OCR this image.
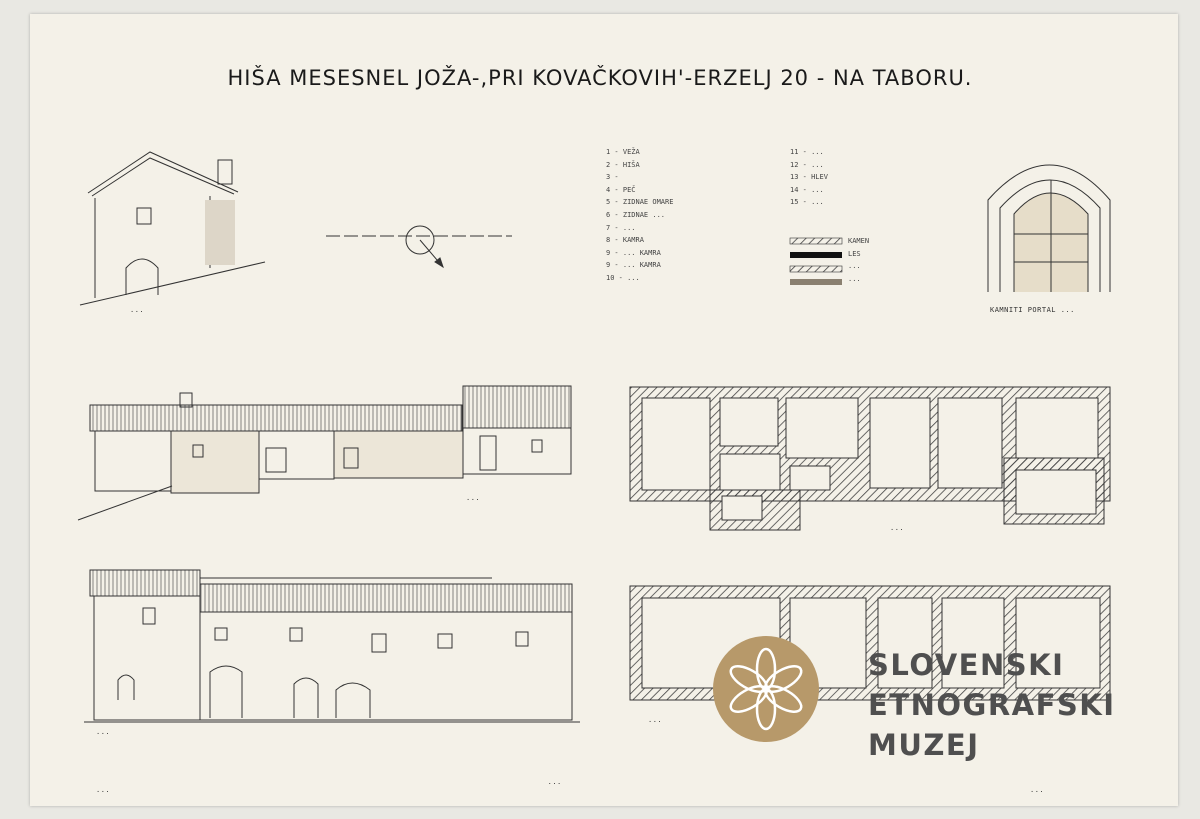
HIŠA MESESNEL JOŽA-,PRI KOVAČKOVIH'-ERZELJ 20 - NA TABORU.
1 - VEŽA
2 - HIŠA
3 -
4 - PEČ
5 - ZIDNAE OMARE
6 - ZIDNAE ...
7 - ...
8 - KAMRA
9 - ... KAMRA
9 - ... KAMRA
10 - ...
11 - ...
12 - ...
13 - HLEV
14 - ...
15 - ...
KAMEN
LES
...
...
...	KAMNITI PORTAL ...
...
...
...
...
...
...
...
SLOVENSKI
ETNOGRAFSKI
MUZEJ
